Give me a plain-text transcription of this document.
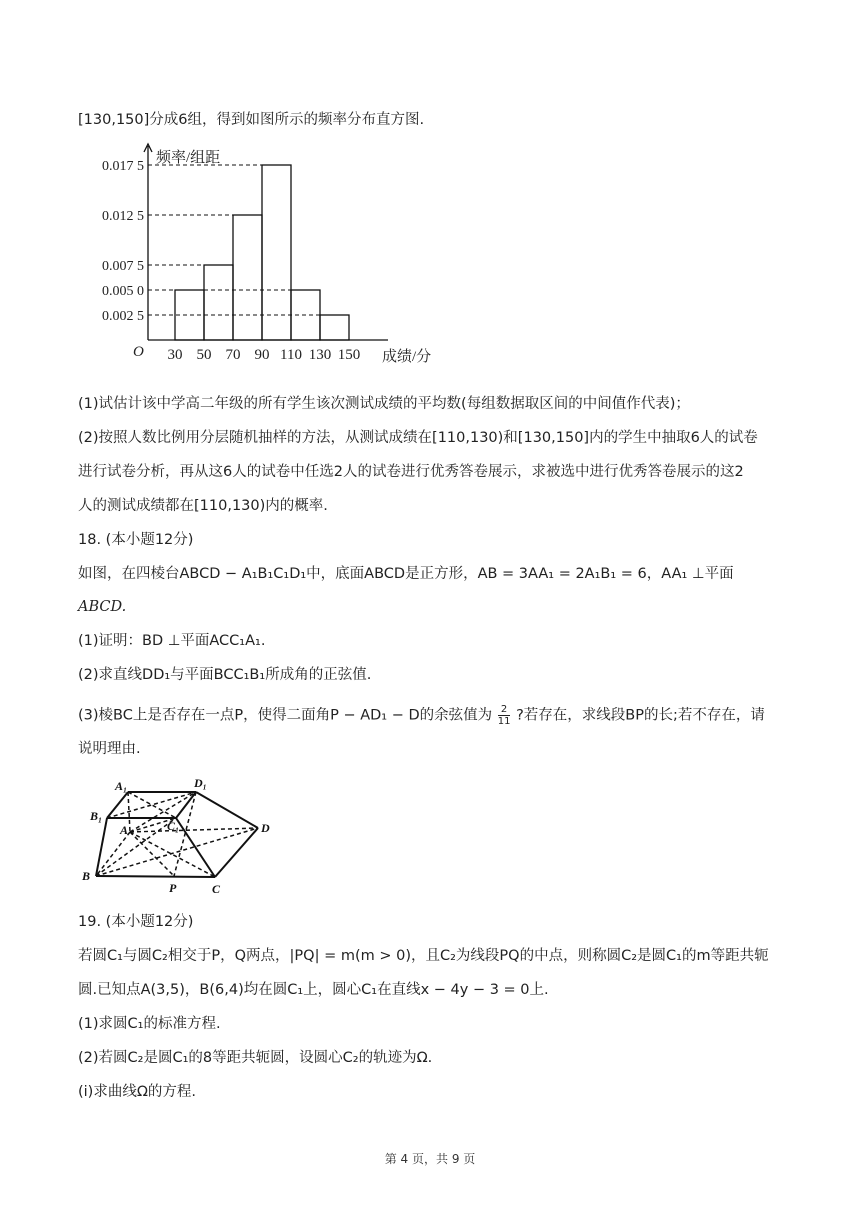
[130,150]分成6组，得到如图所示的频率分布直方图.
频率/组距
成绩/分
O
0.017 5
0.012 5
0.007 5
0.005 0
0.002 5
30 50 70 90 110 130 150
(1)试估计该中学高二年级的所有学生该次测试成绩的平均数(每组数据取区间的中间值作代表)；
(2)按照人数比例用分层随机抽样的方法，从测试成绩在[110,130)和[130,150]内的学生中抽取6人的试卷
进行试卷分析，再从这6人的试卷中任选2人的试卷进行优秀答卷展示，求被选中进行优秀答卷展示的这2
人的测试成绩都在[110,130)内的概率.
18. (本小题12分)
如图，在四棱台ABCD − A₁B₁C₁D₁中，底面ABCD是正方形，AB = 3AA₁ = 2A₁B₁ = 6，AA₁ ⊥平面
ABCD.
(1)证明：BD ⊥平面ACC₁A₁.
(2)求直线DD₁与平面BCC₁B₁所成角的正弦值.
(3)棱BC上是否存在一点P，使得二面角P − AD₁ − D的余弦值为 $\frac{2}{11}$ ?若存在，求线段BP的长;若不存在，请
说明理由.
A₁	D₁
B₁
A	C₁	D
B
P	C
19. (本小题12分)
若圆C₁与圆C₂相交于P，Q两点，|PQ| = m(m > 0)，且C₂为线段PQ的中点，则称圆C₂是圆C₁的m等距共轭
圆.已知点A(3,5)，B(6,4)均在圆C₁上，圆心C₁在直线x − 4y − 3 = 0上.
(1)求圆C₁的标准方程.
(2)若圆C₂是圆C₁的8等距共轭圆，设圆心C₂的轨迹为Ω.
(ⅰ)求曲线Ω的方程.
第 4 页，共 9 页
